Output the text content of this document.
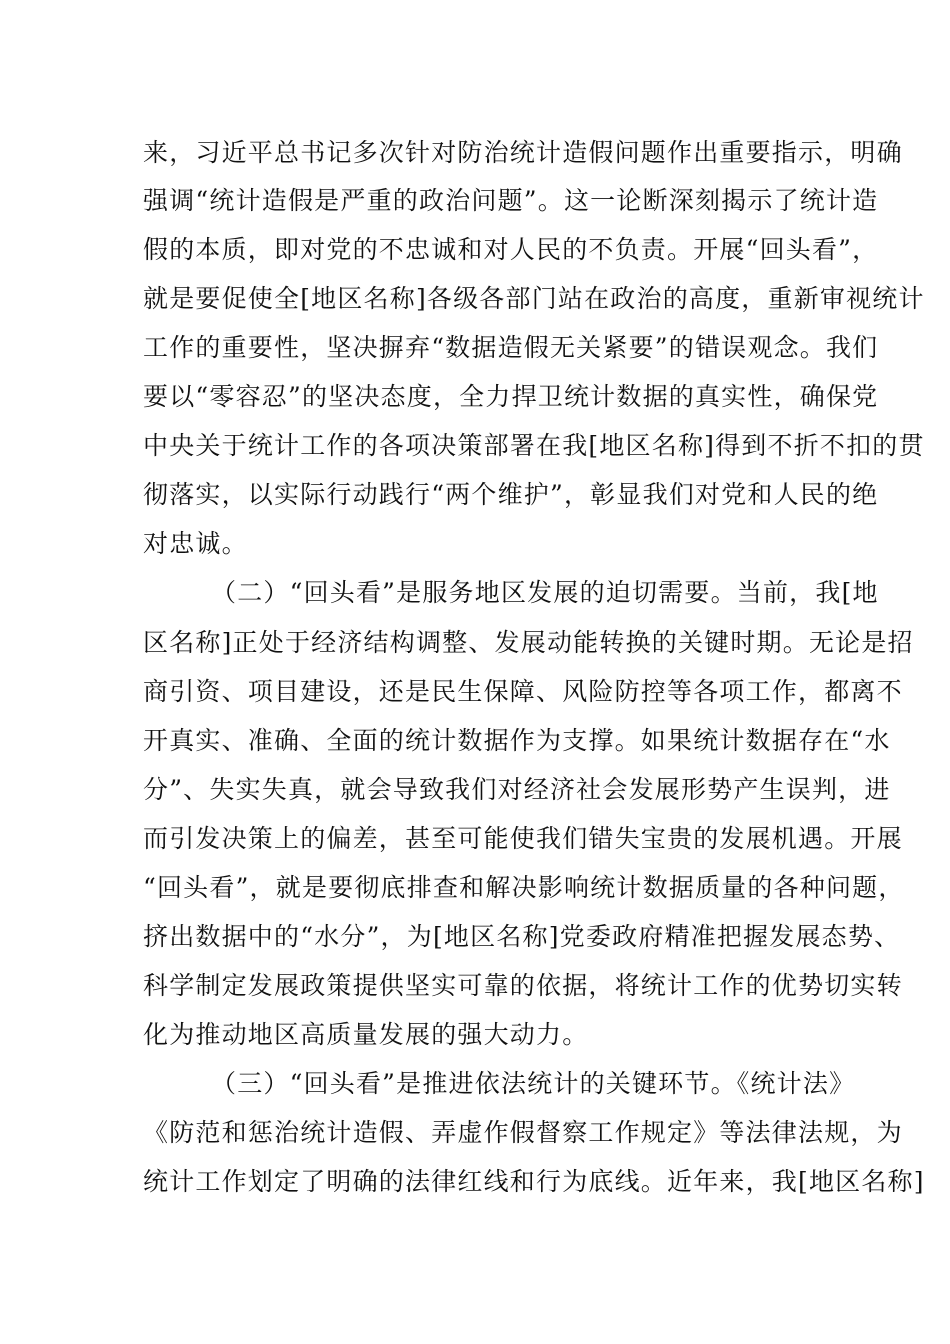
来，习近平总书记多次针对防治统计造假问题作出重要指示，明确
强调“统计造假是严重的政治问题”。这一论断深刻揭示了统计造
假的本质，即对党的不忠诚和对人民的不负责。开展“回头看”，
就是要促使全[地区名称]各级各部门站在政治的高度，重新审视统计
工作的重要性，坚决摒弃“数据造假无关紧要”的错误观念。我们
要以“零容忍”的坚决态度，全力捍卫统计数据的真实性，确保党
中央关于统计工作的各项决策部署在我[地区名称]得到不折不扣的贯
彻落实，以实际行动践行“两个维护”，彰显我们对党和人民的绝
对忠诚。
（二）“回头看”是服务地区发展的迫切需要。当前，我[地
区名称]正处于经济结构调整、发展动能转换的关键时期。无论是招
商引资、项目建设，还是民生保障、风险防控等各项工作，都离不
开真实、准确、全面的统计数据作为支撑。如果统计数据存在“水
分”、失实失真，就会导致我们对经济社会发展形势产生误判，进
而引发决策上的偏差，甚至可能使我们错失宝贵的发展机遇。开展
“回头看”，就是要彻底排查和解决影响统计数据质量的各种问题，
挤出数据中的“水分”，为[地区名称]党委政府精准把握发展态势、
科学制定发展政策提供坚实可靠的依据，将统计工作的优势切实转
化为推动地区高质量发展的强大动力。
（三）“回头看”是推进依法统计的关键环节。《统计法》
《防范和惩治统计造假、弄虚作假督察工作规定》等法律法规，为
统计工作划定了明确的法律红线和行为底线。近年来，我[地区名称]
